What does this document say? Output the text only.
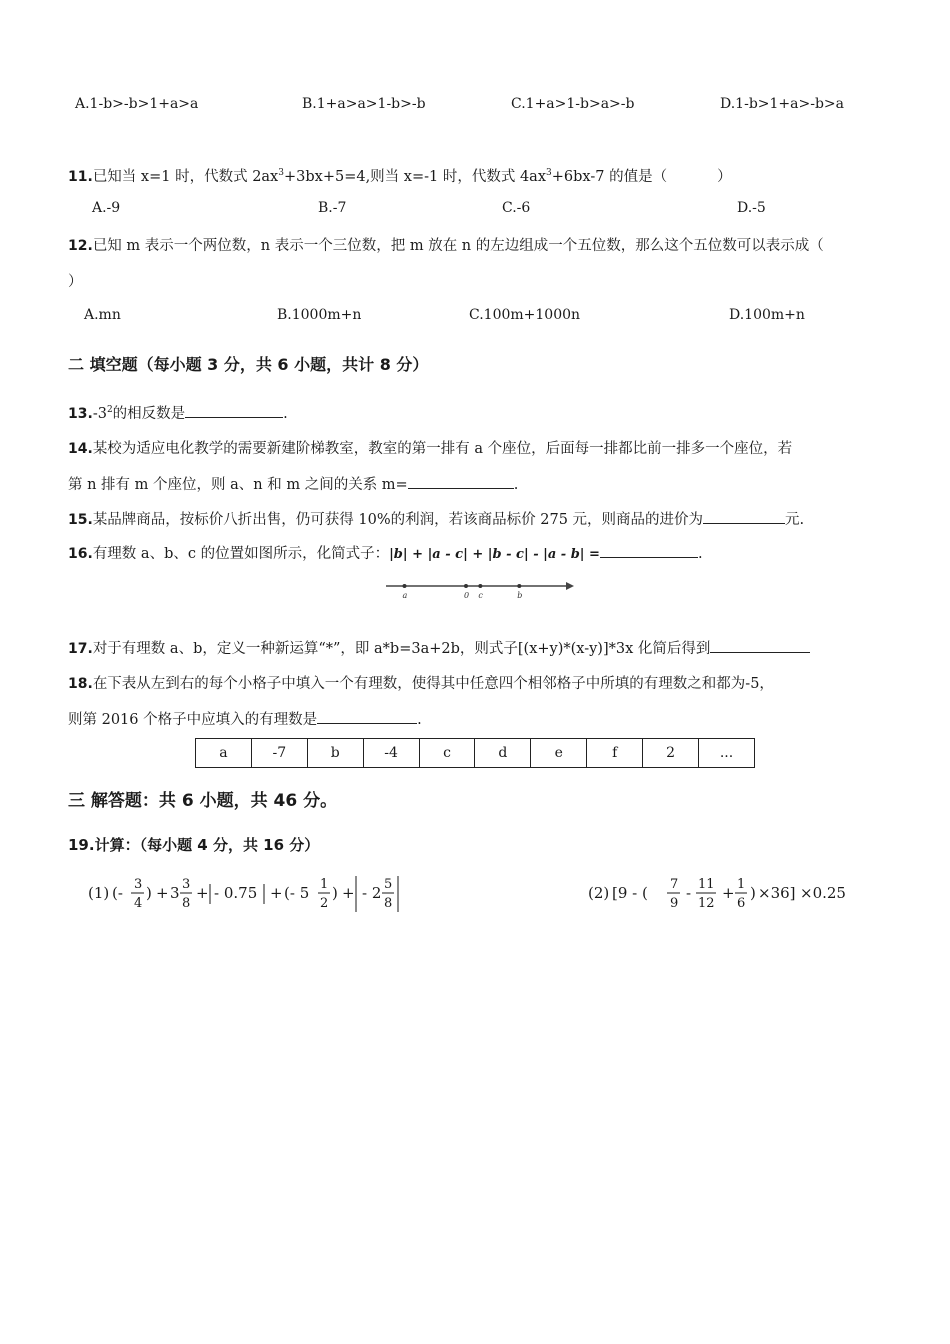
A.1-b>-b>1+a>a	B.1+a>a>1-b>-b	C.1+a>1-b>a>-b	D.1-b>1+a>-b>a
11.已知当 x=1 时，代数式 $2ax^3+3bx+5=4$,则当 x=-1 时，代数式 $4ax^3+6bx-7$ 的值是（	）
A.-9	B.-7	C.-6	D.-5
12.已知 m 表示一个两位数，n 表示一个三位数，把 m 放在 n 的左边组成一个五位数，那么这个五位数可以表示成（
）
A.mn	B.1000m+n	C.100m+1000n	D.100m+n
二 填空题（每小题 3 分，共 6 小题，共计 8 分）
$13.-3^2$的相反数是	.
14.某校为适应电化教学的需要新建阶梯教室，教室的第一排有 a 个座位，后面每一排都比前一排多一个座位，若
第 n 排有 m 个座位，则 a、n 和 m 之间的关系 m=	.
15.某品牌商品，按标价八折出售，仍可获得 10%的利润，若该商品标价 275 元，则商品的进价为	元.
16.有理数 a、b、c 的位置如图所示，化简式子：|b| + |a - c| + |b - c| - |a - b| =	.
a	0 c	b
17.对于有理数 a、b，定义一种新运算“*”，即 a*b=3a+2b，则式子[(x+y)*(x-y)]*3x 化简后得到
18.在下表从左到右的每个小格子中填入一个有理数，使得其中任意四个相邻格子中所填的有理数之和都为-5，
则第 2016 个格子中应填入的有理数是	.
a	-7	b	-4	c	d	e	f	2	...
三 解答题：共 6 小题，共 46 分。
19.计算：（每小题 4 分，共 16 分）
(1) (- 3
4
) + 3 3
8
+ - 0.75 + (- 5 1
2
) + - 2 5
8
(2) [9 - ( 7
9
- 11
12
+ 1
6
) ×36] ×0.25
